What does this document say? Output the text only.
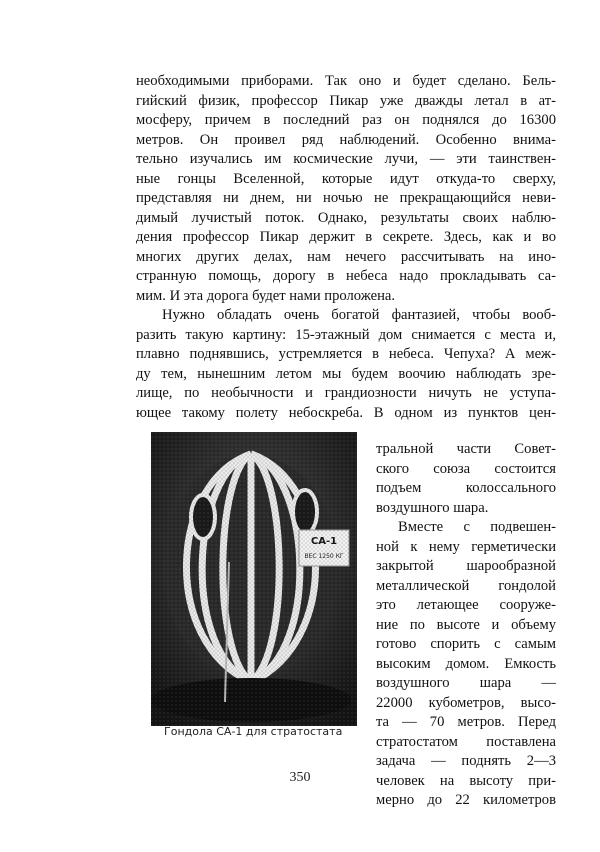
необходимыми приборами. Так оно и будет сделано. Бель-
гийский физик, профессор Пикар уже дважды летал в ат-
мосферу, причем в последний раз он поднялся до 16300
метров. Он проивел ряд наблюдений. Особенно внима-
тельно изучались им космические лучи, — эти таинствен-
ные гонцы Вселенной, которые идут откуда-то сверху,
представляя ни днем, ни ночью не прекращающийся неви-
димый лучистый поток. Однако, результаты своих наблю-
дения профессор Пикар держит в секрете. Здесь, как и во
многих других делах, нам нечего рассчитывать на ино-
странную помощь, дорогу в небеса надо прокладывать са-
мим. И эта дорога будет нами проложена.
Нужно обладать очень богатой фантазией, чтобы вооб-
разить такую картину: 15-этажный дом снимается с места и,
плавно поднявшись, устремляется в небеса. Чепуха? А меж-
ду тем, нынешним летом мы будем воочию наблюдать зре-
лище, по необычности и грандиозности ничуть не уступа-
ющее такому полету небоскреба. В одном из пунктов цен-
Гондола СА-1 для стратостата
тральной части Совет-
ского союза состоится
подъем колоссального
воздушного шара.
Вместе с подвешен-
ной к нему герметически
закрытой шарообразной
металлической гондолой
это летающее сооруже-
ние по высоте и объему
готово спорить с самым
высоким домом. Емкость
воздушного шара —
22000 кубометров, высо-
та — 70 метров. Перед
350
стратостатом поставлена
задача — поднять 2—3
человек на высоту при-
мерно до 22 километров
